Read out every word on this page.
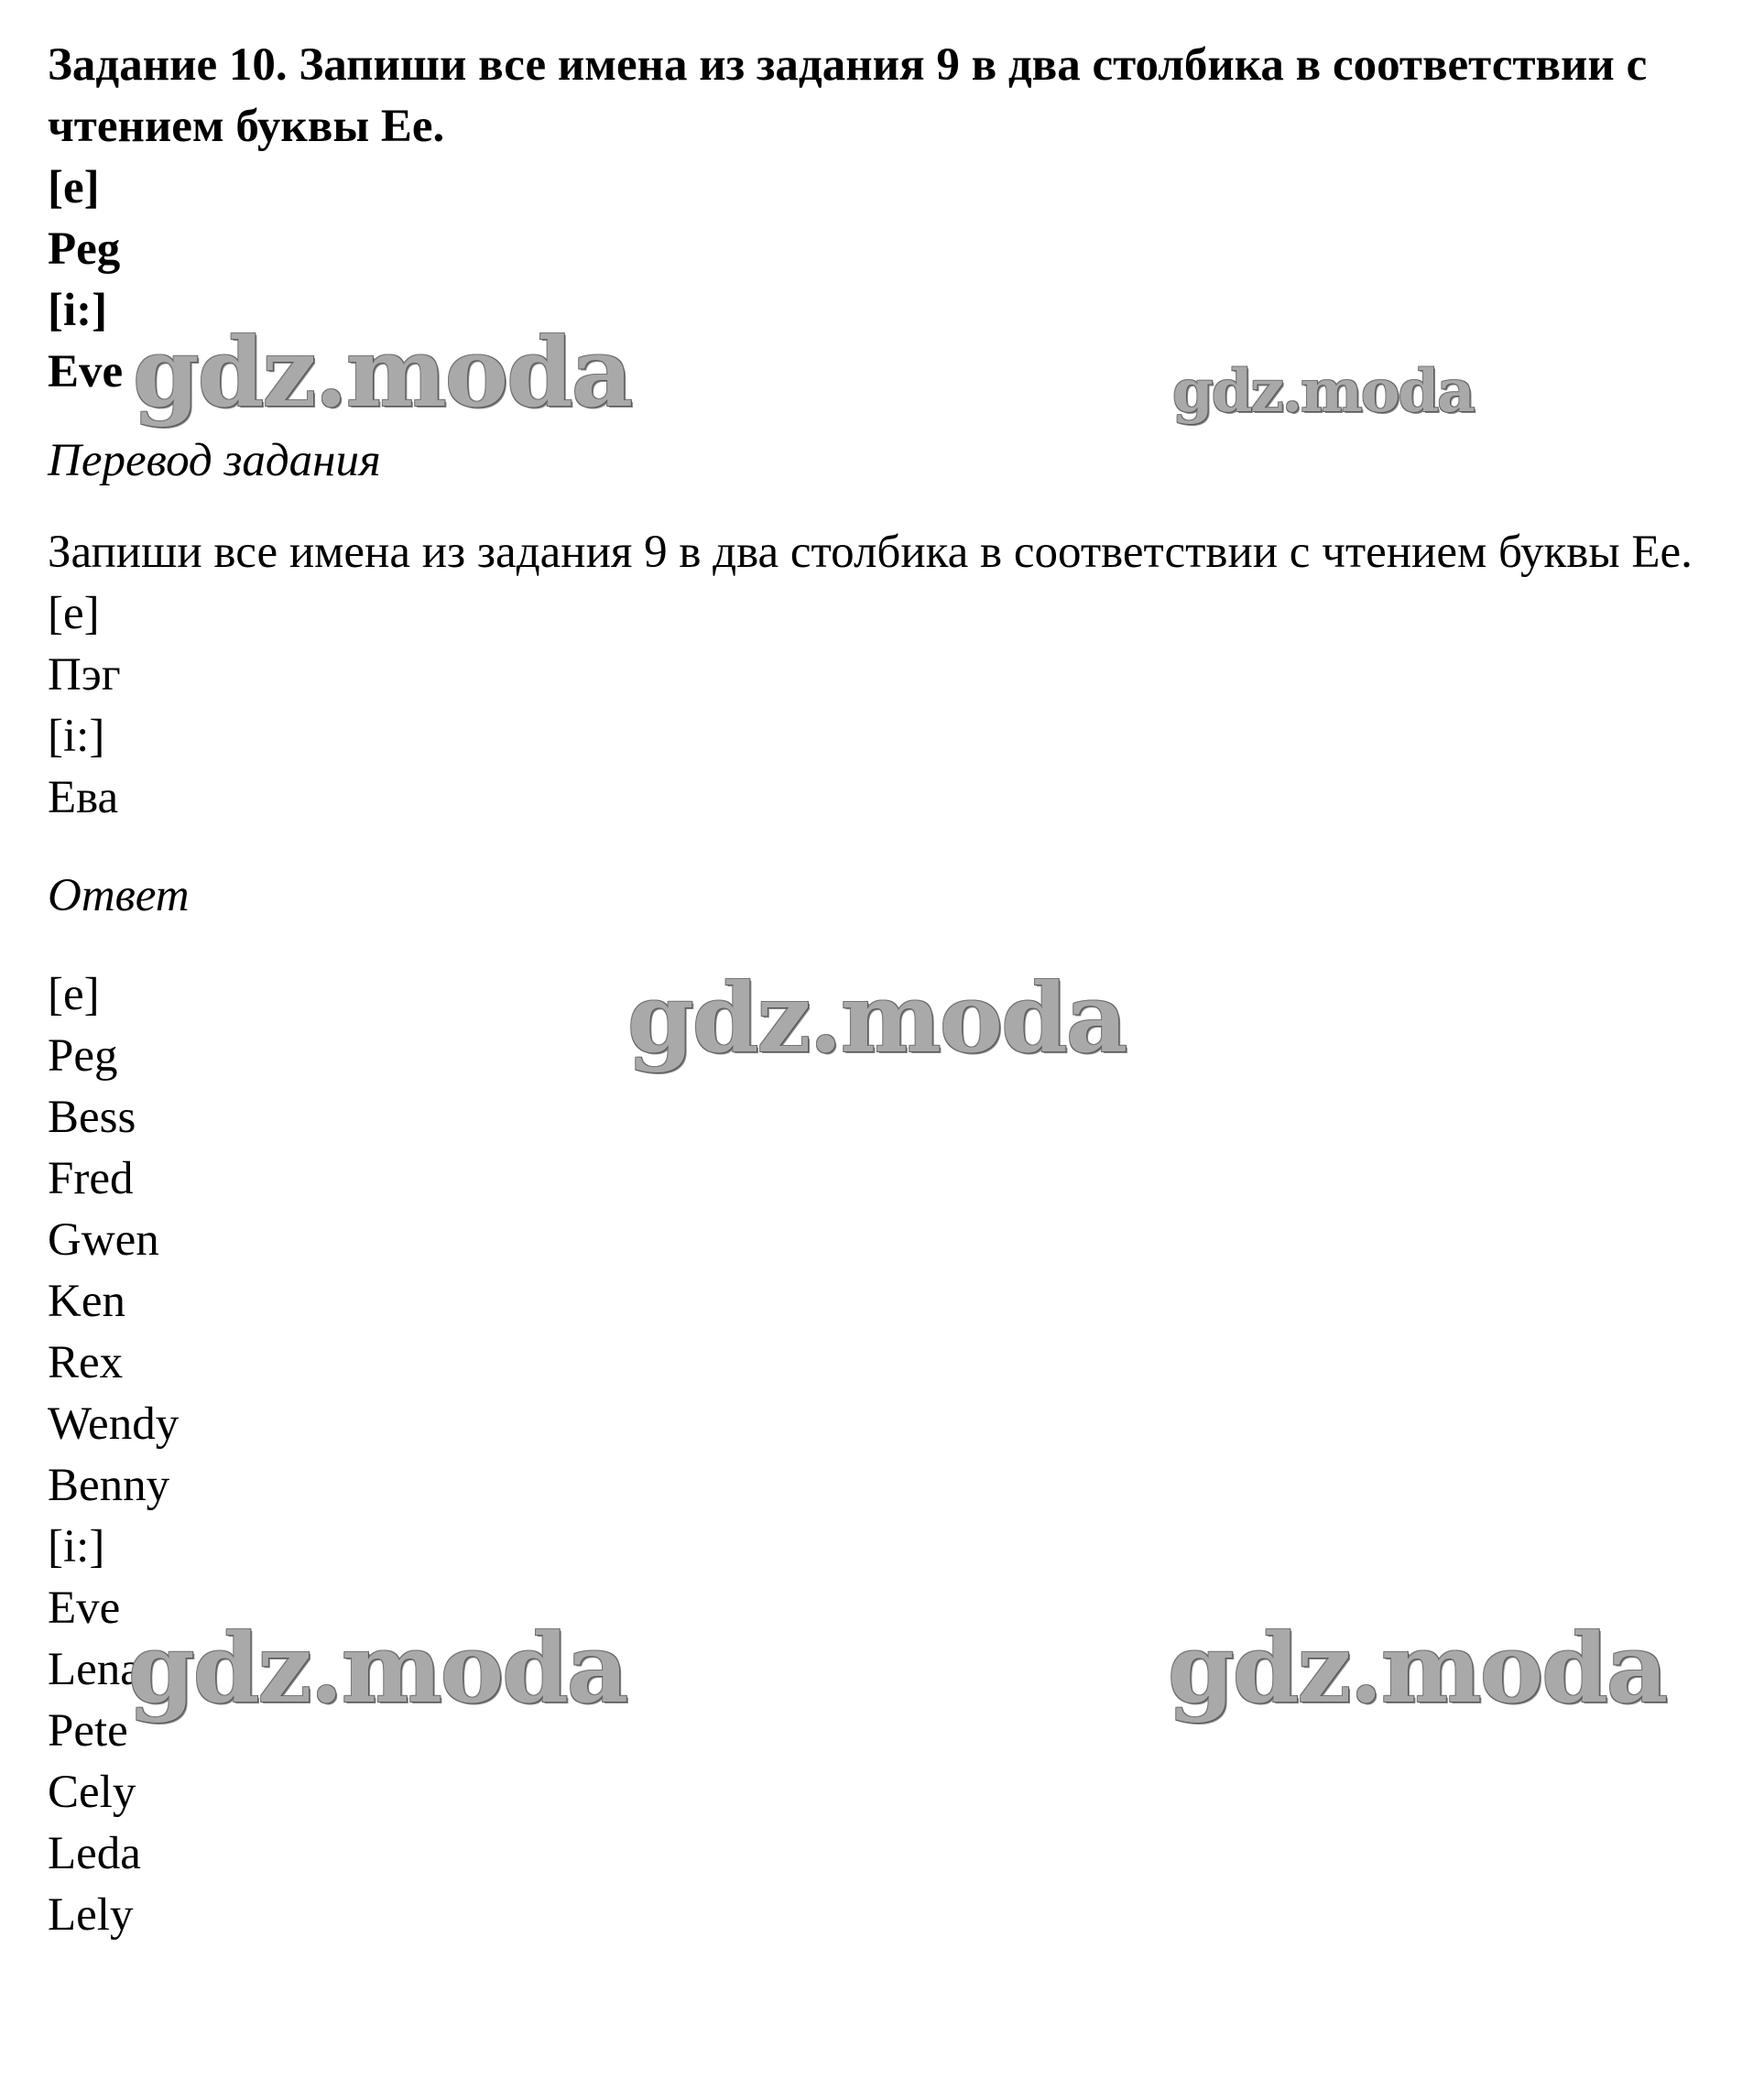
Задание 10. Запиши все имена из задания 9 в два столбика в соответствии с чтением буквы Ee.

[e]
Peg
[i:]
Eve
Перевод задания
Запиши все имена из задания 9 в два столбика в соответствии с чтением буквы Ee.
[e]
Пэг
[i:]
Ева
Ответ
[e]
Peg
Bess
Fred
Gwen
Ken
Rex
Wendy
Benny
[i:]
Eve
Lena
Pete
Cely
Leda
Lely
gdz.moda	gdz.moda
gdz.moda
gdz.moda	gdz.moda
